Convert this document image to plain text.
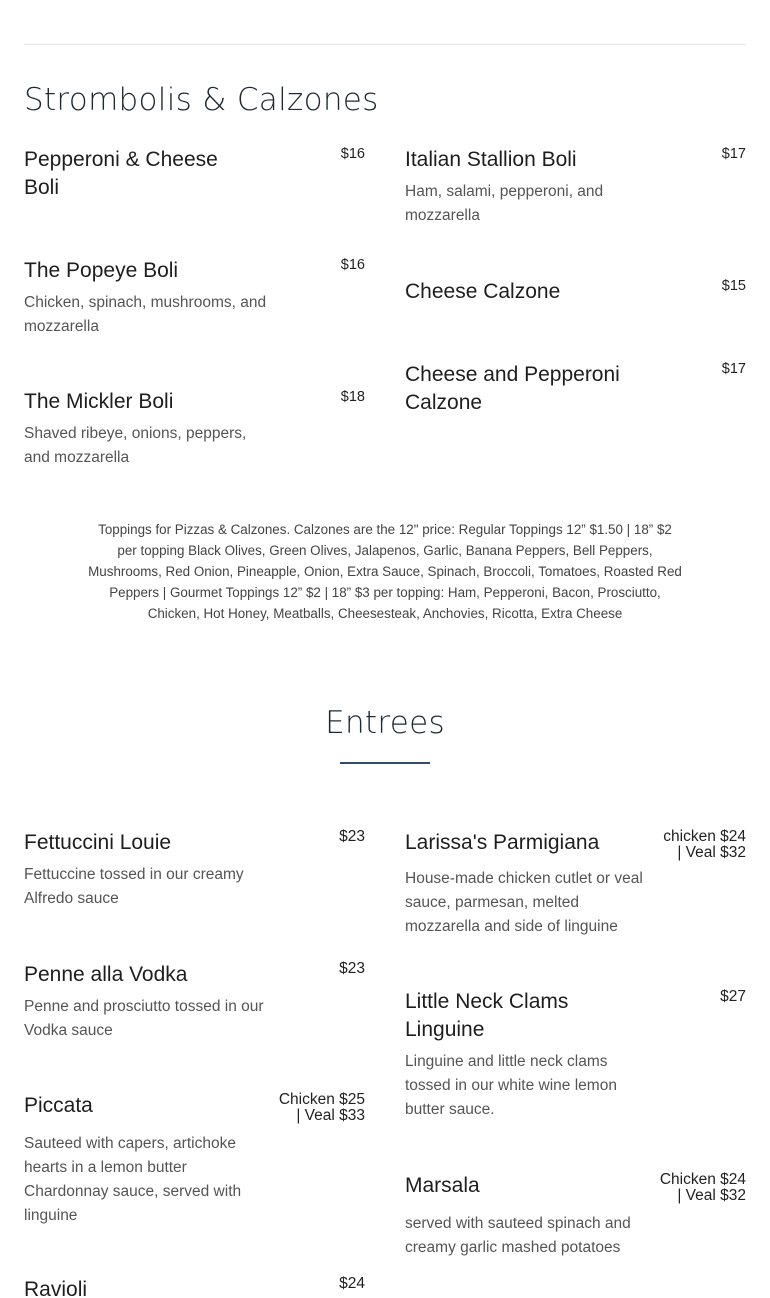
Strombolis & Calzones
Pepperoni & Cheese Boli
$16
The Popeye Boli
Chicken, spinach, mushrooms, and mozzarella
$16
The Mickler Boli
Shaved ribeye, onions, peppers, and mozzarella
$18
Italian Stallion Boli
Ham, salami, pepperoni, and mozzarella
$17
Cheese Calzone	$15
Cheese and Pepperoni Calzone
$17
Toppings for Pizzas & Calzones. Calzones are the 12" price: Regular Toppings 12” $1.50 | 18” $2 per topping Black Olives, Green Olives, Jalapenos, Garlic, Banana Peppers, Bell Peppers, Mushrooms, Red Onion, Pineapple, Onion, Extra Sauce, Spinach, Broccoli, Tomatoes, Roasted Red Peppers | Gourmet Toppings 12” $2 | 18” $3 per topping: Ham, Pepperoni, Bacon, Prosciutto, Chicken, Hot Honey, Meatballs, Cheesesteak, Anchovies, Ricotta, Extra Cheese
Entrees
Fettuccini Louie
Fettuccine tossed in our creamy Alfredo sauce
$23
Penne alla Vodka
Penne and prosciutto tossed in our Vodka sauce
$23
Piccata
Sauteed with capers, artichoke hearts in a lemon butter Chardonnay sauce, served with linguine
Chicken $25
| Veal $33
Ravioli	$24
Larissa's Parmigiana
House-made chicken cutlet or veal sauce, parmesan, melted mozzarella and side of linguine
chicken $24
| Veal $32
Little Neck Clams Linguine
Linguine and little neck clams tossed in our white wine lemon butter sauce.
$27
Marsala
served with sauteed spinach and creamy garlic mashed potatoes
Chicken $24
| Veal $32
